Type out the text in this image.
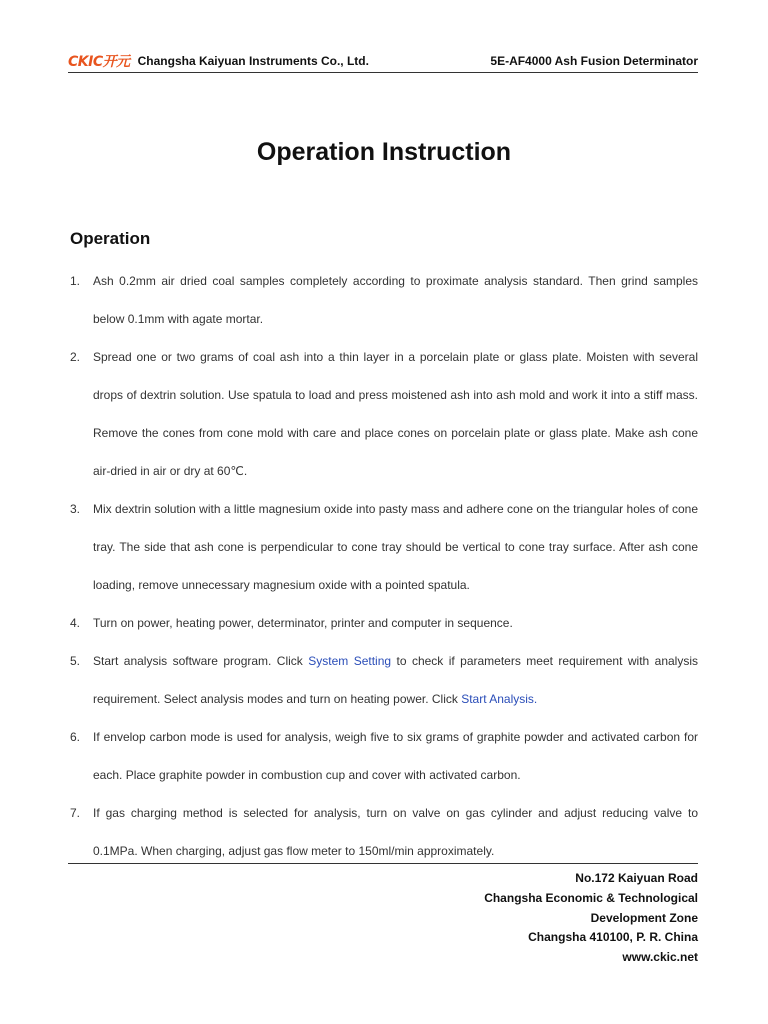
CKIC开元 Changsha Kaiyuan Instruments Co., Ltd.	5E-AF4000 Ash Fusion Determinator
Operation Instruction
Operation
1. Ash 0.2mm air dried coal samples completely according to proximate analysis standard. Then grind samples below 0.1mm with agate mortar.
2. Spread one or two grams of coal ash into a thin layer in a porcelain plate or glass plate. Moisten with several drops of dextrin solution. Use spatula to load and press moistened ash into ash mold and work it into a stiff mass. Remove the cones from cone mold with care and place cones on porcelain plate or glass plate. Make ash cone air-dried in air or dry at 60℃.
3. Mix dextrin solution with a little magnesium oxide into pasty mass and adhere cone on the triangular holes of cone tray. The side that ash cone is perpendicular to cone tray should be vertical to cone tray surface. After ash cone loading, remove unnecessary magnesium oxide with a pointed spatula.
4. Turn on power, heating power, determinator, printer and computer in sequence.
5. Start analysis software program. Click System Setting to check if parameters meet requirement with analysis requirement. Select analysis modes and turn on heating power. Click Start Analysis.
6. If envelop carbon mode is used for analysis, weigh five to six grams of graphite powder and activated carbon for each. Place graphite powder in combustion cup and cover with activated carbon.
7. If gas charging method is selected for analysis, turn on valve on gas cylinder and adjust reducing valve to 0.1MPa. When charging, adjust gas flow meter to 150ml/min approximately.
No.172 Kaiyuan Road
Changsha Economic & Technological
Development Zone
Changsha 410100, P. R. China
www.ckic.net
